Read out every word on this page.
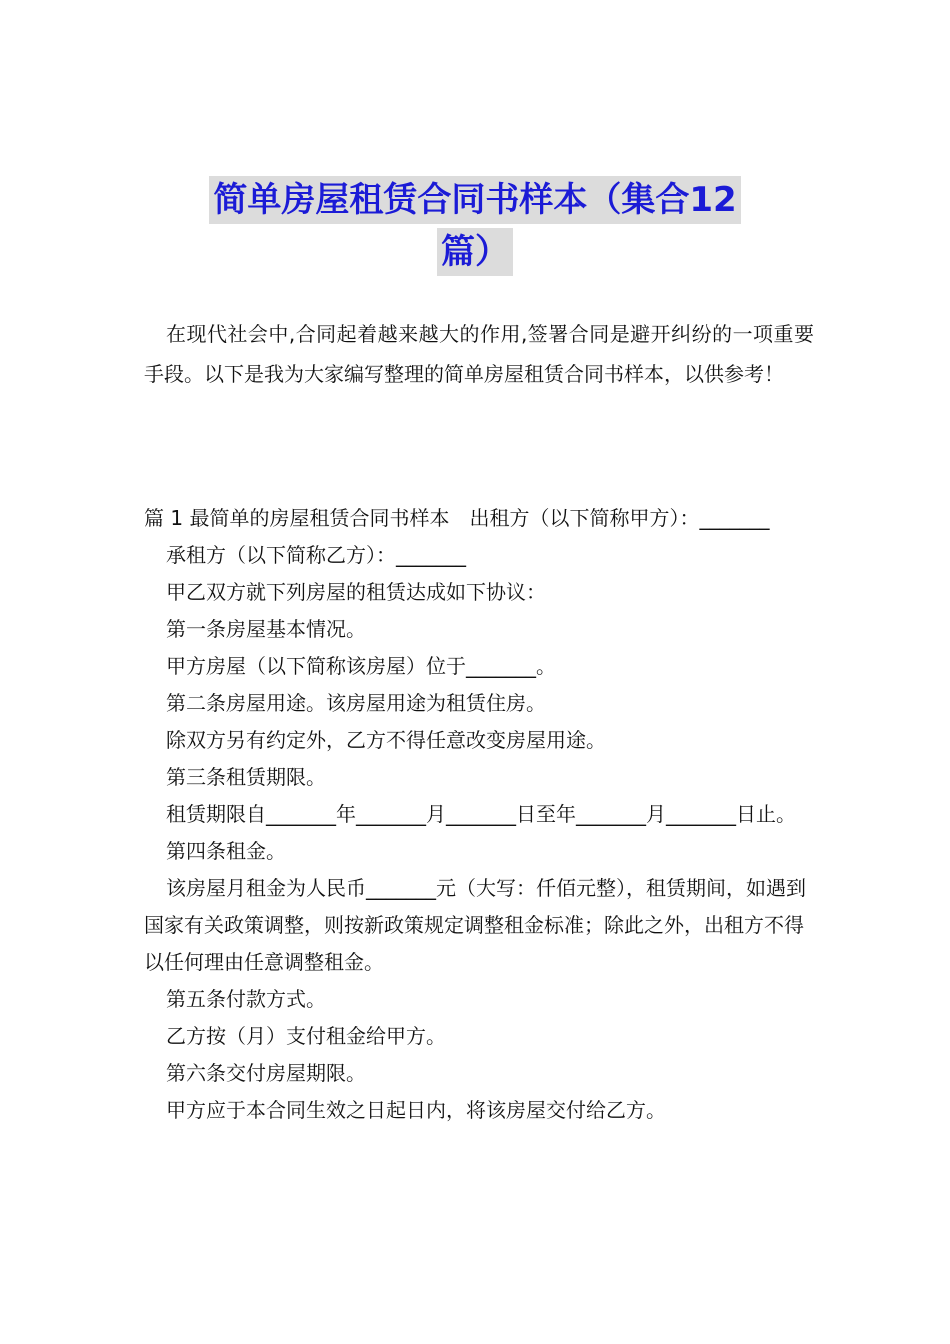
简单房屋租赁合同书样本（集合12
篇）

在现代社会中,合同起着越来越大的作用,签署合同是避开纠纷的一项重要手段。以下是我为大家编写整理的简单房屋租赁合同书样本，以供参考！

篇 1 最简单的房屋租赁合同书样本　出租方（以下简称甲方）：_______

承租方（以下简称乙方）：_______

甲乙双方就下列房屋的租赁达成如下协议：

第一条房屋基本情况。

甲方房屋（以下简称该房屋）位于_______。

第二条房屋用途。该房屋用途为租赁住房。

除双方另有约定外，乙方不得任意改变房屋用途。

第三条租赁期限。

租赁期限自_______年_______月_______日至年_______月_______日止。

第四条租金。

该房屋月租金为人民币_______元（大写：仟佰元整），租赁期间，如遇到国家有关政策调整，则按新政策规定调整租金标准；除此之外，出租方不得以任何理由任意调整租金。

第五条付款方式。

乙方按（月）支付租金给甲方。

第六条交付房屋期限。

甲方应于本合同生效之日起日内，将该房屋交付给乙方。
